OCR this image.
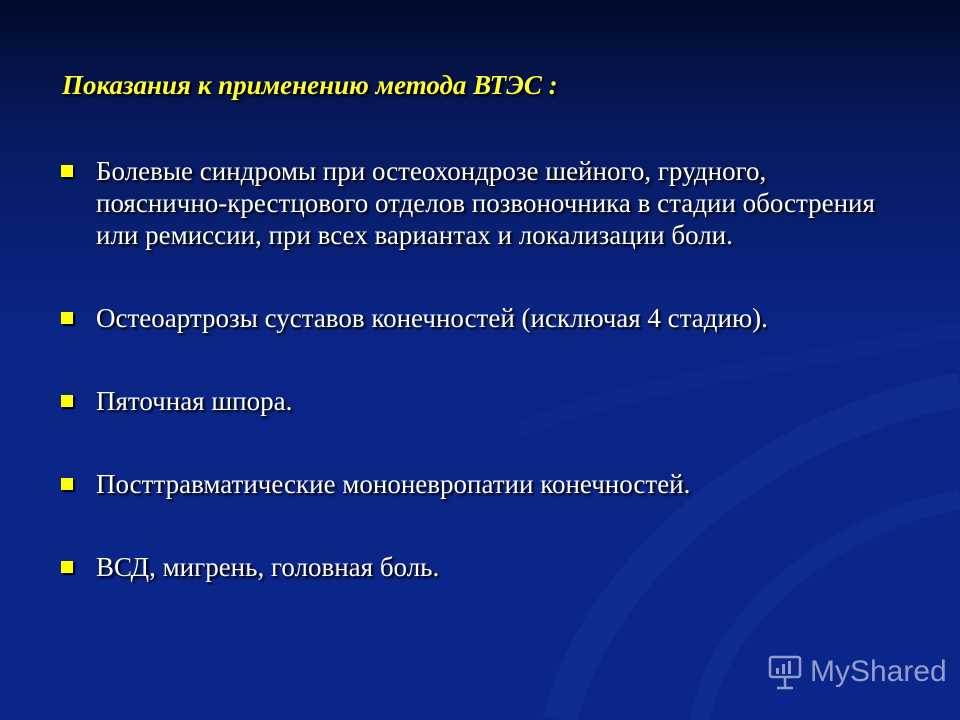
Показания к применению метода ВТЭС :
Болевые синдромы при остеохондрозе шейного, грудного, пояснично-крестцового отделов позвоночника в стадии обострения или ремиссии, при всех вариантах и локализации боли.
Остеоартрозы суставов конечностей (исключая 4 стадию).
Пяточная шпора.
Посттравматические мононевропатии конечностей.
ВСД, мигрень, головная боль.
MyShared
